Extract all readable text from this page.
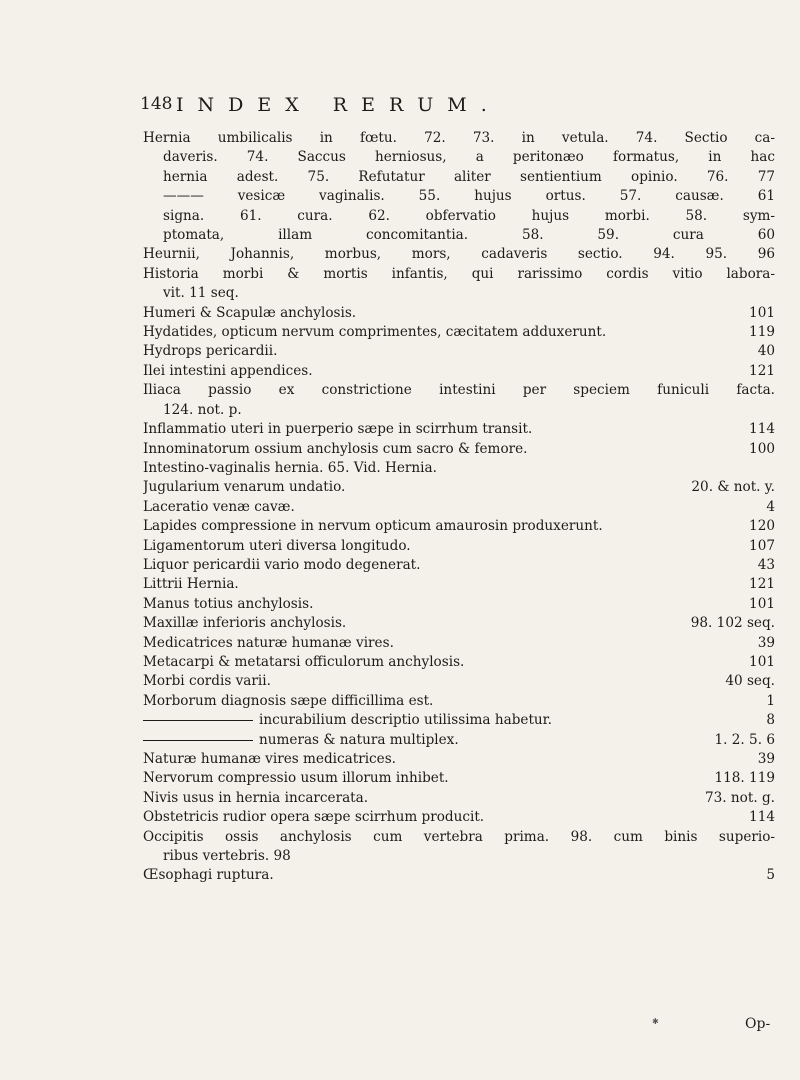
148 INDEX RERUM.
Hernia umbilicalis in fœtu. 72. 73. in vetula. 74. Sectio ca-
daveris. 74. Saccus herniosus, a peritonæo formatus, in hac
hernia adest. 75. Refutatur aliter sentientium opinio. 76. 77
——— vesicæ vaginalis. 55. hujus ortus. 57. causæ. 61
signa. 61. cura. 62. obfervatio hujus morbi. 58. sym-
ptomata, illam concomitantia. 58. 59. cura 60
Heurnii, Johannis, morbus, mors, cadaveris sectio. 94. 95. 96
Historia morbi & mortis infantis, qui rarissimo cordis vitio labora-
vit. 11 seq.
Humeri & Scapulæ anchylosis.	101
Hydatides, opticum nervum comprimentes, cæcitatem adduxerunt.	119
Hydrops pericardii.	40
Ilei intestini appendices.	121
Iliaca passio ex constrictione intestini per speciem funiculi facta.
124. not. p.
Inflammatio uteri in puerperio sæpe in scirrhum transit.	114
Innominatorum ossium anchylosis cum sacro & femore.	100
Intestino-vaginalis hernia. 65. Vid. Hernia.
Jugularium venarum undatio.	20. & not. y.
Laceratio venæ cavæ.	4
Lapides compressione in nervum opticum amaurosin produxerunt.	120
Ligamentorum uteri diversa longitudo.	107
Liquor pericardii vario modo degenerat.	43
Littrii Hernia.	121
Manus totius anchylosis.	101
Maxillæ inferioris anchylosis.	98. 102 seq.
Medicatrices naturæ humanæ vires.	39
Metacarpi & metatarsi officulorum anchylosis.	101
Morbi cordis varii.	40 seq.
Morborum diagnosis sæpe difficillima est.	1
incurabilium descriptio utilissima habetur.	8
numeras & natura multiplex.	1. 2. 5. 6
Naturæ humanæ vires medicatrices.	39
Nervorum compressio usum illorum inhibet.	118. 119
Nivis usus in hernia incarcerata.	73. not. g.
Obstetricis rudior opera sæpe scirrhum producit.	114
Occipitis ossis anchylosis cum vertebra prima. 98. cum binis superio-
ribus vertebris. 98
Œsophagi ruptura.	5
✱	Op-
